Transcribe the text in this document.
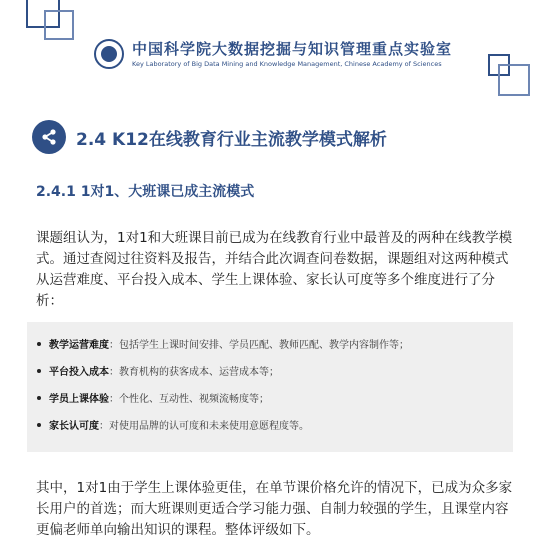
中国科学院大数据挖掘与知识管理重点实验室
Key Laboratory of Big Data Mining and Knowledge Management, Chinese Academy of Sciences
2.4 K12在线教育行业主流教学模式解析
2.4.1 1对1、大班课已成主流模式
课题组认为，1对1和大班课目前已成为在线教育行业中最普及的两种在线教学模式。通过查阅过往资料及报告，并结合此次调查问卷数据，课题组对这两种模式从运营难度、平台投入成本、学生上课体验、家长认可度等多个维度进行了分析：
教学运营难度 ：包括学生上课时间安排、学员匹配、教师匹配、教学内容制作等；
平台投入成本 ：教育机构的获客成本、运营成本等；
学员上课体验 ：个性化、互动性、视频流畅度等；
家长认可度 ：对使用品牌的认可度和未来使用意愿程度等。
其中，1对1由于学生上课体验更佳，在单节课价格允许的情况下，已成为众多家长用户的首选；而大班课则更适合学习能力强、自制力较强的学生，且课堂内容更偏老师单向输出知识的课程。整体评级如下。
